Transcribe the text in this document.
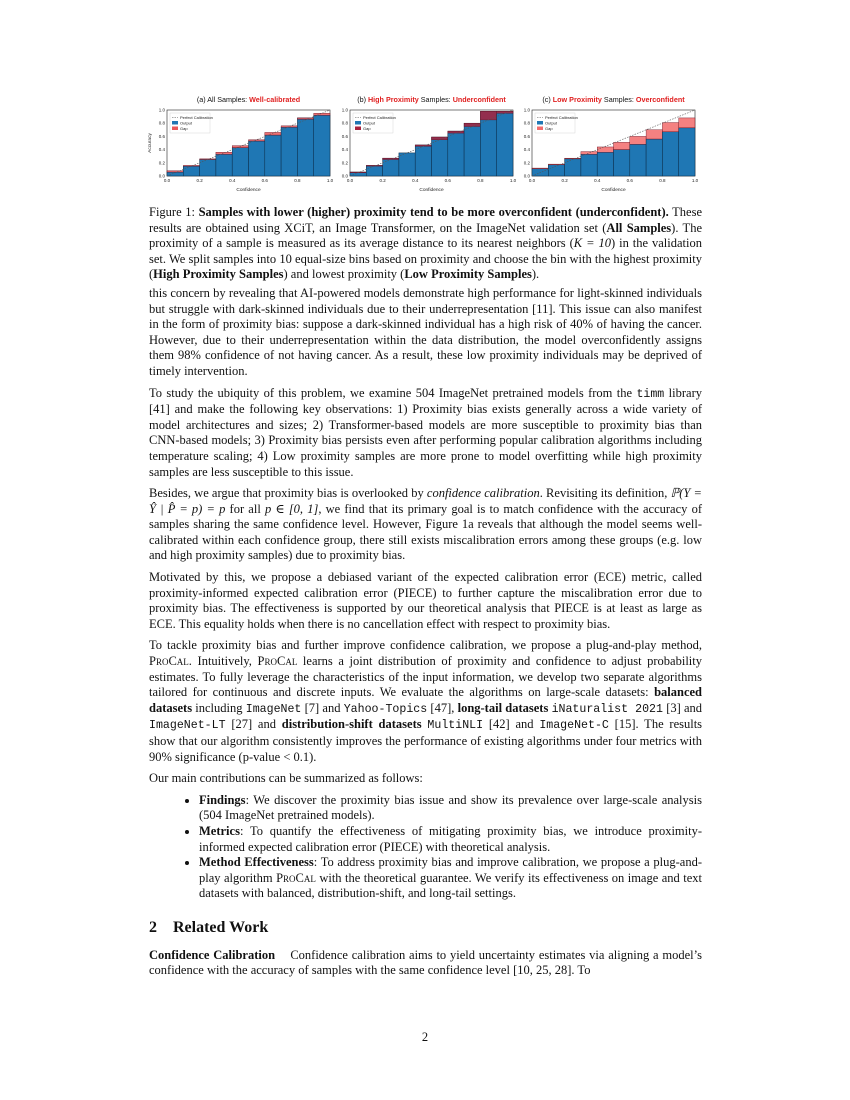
(a) All Samples: Well-calibrated
0.0
0.0
0.2
0.2
0.4
0.4
0.6
0.6
0.8
0.8
1.0
1.0
Confidence
Accuracy
Perfect Calibration
Output
Gap
(b) High Proximity Samples: Underconfident
0.0
0.0
0.2
0.2
0.4
0.4
0.6
0.6
0.8
0.8
1.0
1.0
Confidence
Perfect Calibration
Output
Gap
(c) Low Proximity Samples: Overconfident
0.0
0.0
0.2
0.2
0.4
0.4
0.6
0.6
0.8
0.8
1.0
1.0
Confidence
Perfect Calibration
Output
Gap

Figure 1: Samples with lower (higher) proximity tend to be more overconfident (underconfident). These results are obtained using XCiT, an Image Transformer, on the ImageNet validation set (All Samples). The proximity of a sample is measured as its average distance to its nearest neighbors (K = 10) in the validation set. We split samples into 10 equal-size bins based on proximity and choose the bin with the highest proximity (High Proximity Samples) and lowest proximity (Low Proximity Samples).

this concern by revealing that AI-powered models demonstrate high performance for light-skinned individuals but struggle with dark-skinned individuals due to their underrepresentation [11]. This issue can also manifest in the form of proximity bias: suppose a dark-skinned individual has a high risk of 40% of having the cancer. However, due to their underrepresentation within the data distribution, the model overconfidently assigns them 98% confidence of not having cancer. As a result, these low proximity individuals may be deprived of timely intervention.

To study the ubiquity of this problem, we examine 504 ImageNet pretrained models from the timm library [41] and make the following key observations: 1) Proximity bias exists generally across a wide variety of model architectures and sizes; 2) Transformer-based models are more susceptible to proximity bias than CNN-based models; 3) Proximity bias persists even after performing popular calibration algorithms including temperature scaling; 4) Low proximity samples are more prone to model overfitting while high proximity samples are less susceptible to this issue.

Besides, we argue that proximity bias is overlooked by confidence calibration. Revisiting its definition, ℙ(Y = Ŷ | P̂ = p) = p for all p ∈ [0, 1], we find that its primary goal is to match confidence with the accuracy of samples sharing the same confidence level. However, Figure 1a reveals that although the model seems well-calibrated within each confidence group, there still exists miscalibration errors among these groups (e.g. low and high proximity samples) due to proximity bias.

Motivated by this, we propose a debiased variant of the expected calibration error (ECE) metric, called proximity-informed expected calibration error (PIECE) to further capture the miscalibration error due to proximity bias. The effectiveness is supported by our theoretical analysis that PIECE is at least as large as ECE. This equality holds when there is no cancellation effect with respect to proximity bias.

To tackle proximity bias and further improve confidence calibration, we propose a plug-and-play method, ProCal. Intuitively, ProCal learns a joint distribution of proximity and confidence to adjust probability estimates. To fully leverage the characteristics of the input information, we develop two separate algorithms tailored for continuous and discrete inputs. We evaluate the algorithms on large-scale datasets: balanced datasets including ImageNet [7] and Yahoo-Topics [47], long-tail datasets iNaturalist 2021 [3] and ImageNet-LT [27] and distribution-shift datasets MultiNLI [42] and ImageNet-C [15]. The results show that our algorithm consistently improves the performance of existing algorithms under four metrics with 90% significance (p-value < 0.1).

Our main contributions can be summarized as follows:

• Findings: We discover the proximity bias issue and show its prevalence over large-scale analysis (504 ImageNet pretrained models).
• Metrics: To quantify the effectiveness of mitigating proximity bias, we introduce proximity-informed expected calibration error (PIECE) with theoretical analysis.
• Method Effectiveness: To address proximity bias and improve calibration, we propose a plug-and-play algorithm ProCal with the theoretical guarantee. We verify its effectiveness on image and text datasets with balanced, distribution-shift, and long-tail settings.
2    Related Work

Confidence Calibration    Confidence calibration aims to yield uncertainty estimates via aligning a model’s confidence with the accuracy of samples with the same confidence level [10, 25, 28]. To

2
